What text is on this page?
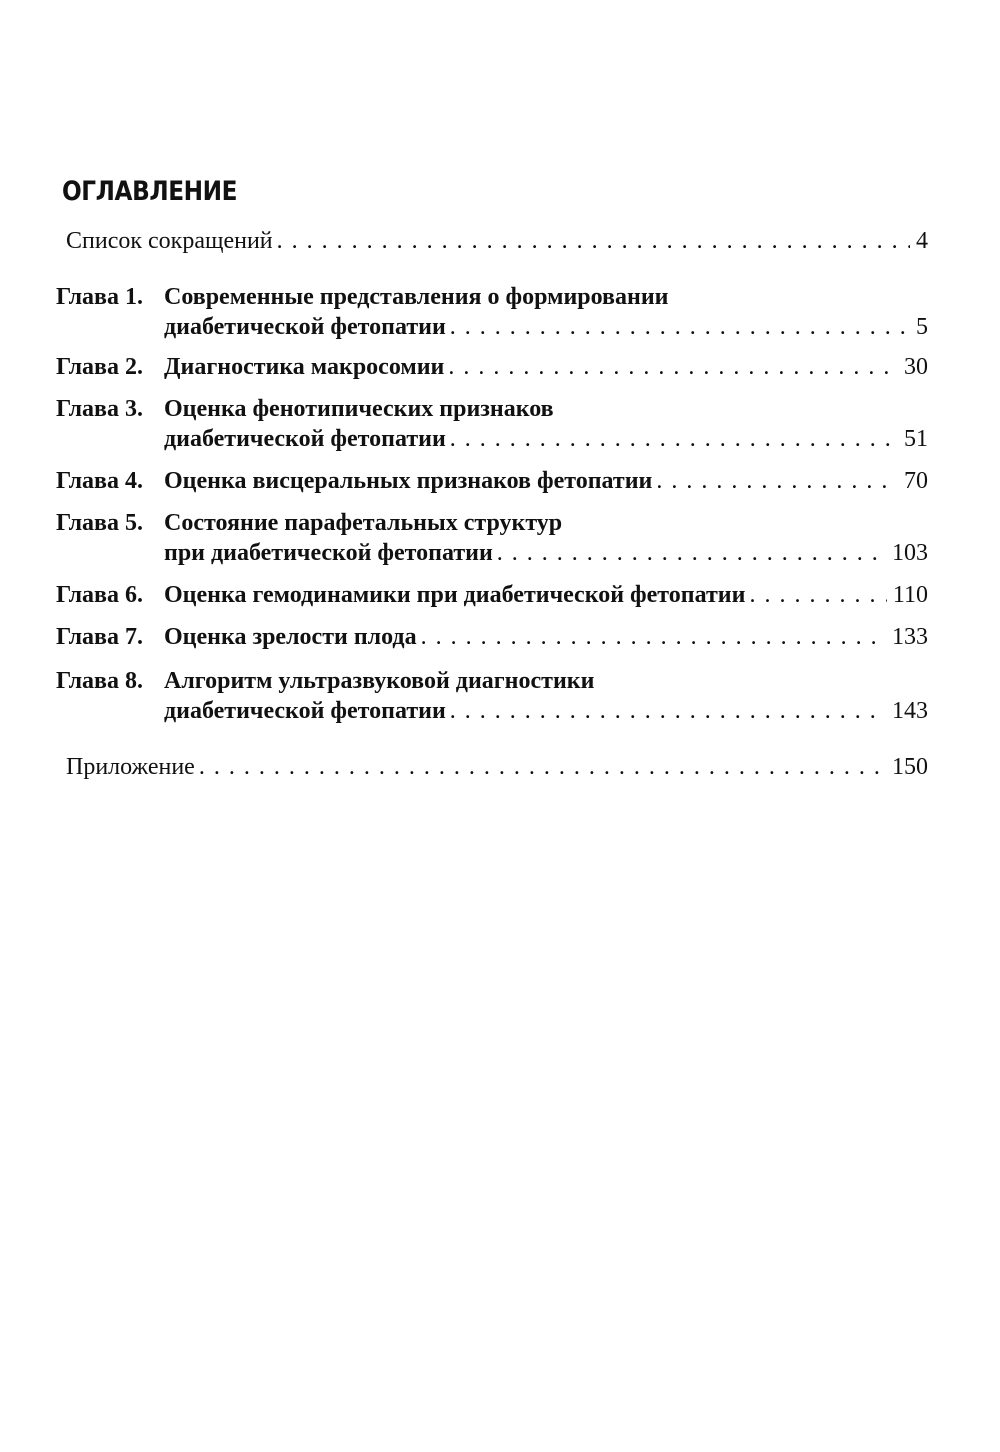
ОГЛАВЛЕНИЕ
Список сокращений . . .	4
Глава 1. Современные представления о формировании
диабетической фетопатии . . .	5
Глава 2. Диагностика макросомии . . .	30
Глава 3. Оценка фенотипических признаков
диабетической фетопатии . . .	51
Глава 4. Оценка висцеральных признаков фетопатии . . .	70
Глава 5. Состояние парафетальных структур
при диабетической фетопатии . . .	103
Глава 6. Оценка гемодинамики при диабетической фетопатии . . .	110
Глава 7. Оценка зрелости плода . . .	133
Глава 8. Алгоритм ультразвуковой диагностики
диабетической фетопатии . . .	143
Приложение . . .	150
